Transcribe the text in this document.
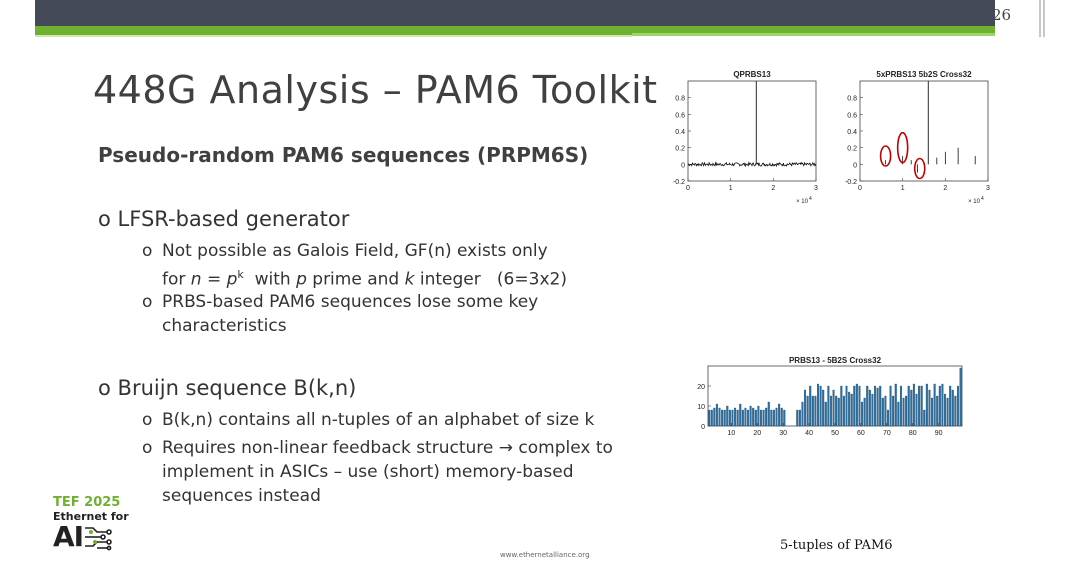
26
448G Analysis – PAM6 Toolkit
Pseudo-random PAM6 sequences (PRPM6S)
o LFSR-based generator
o Not possible as Galois Field, GF(n) exists only
for $n = p^k$  with p prime and k integer   (6=3x2)
o PRBS-based PAM6 sequences lose some key
characteristics
o Bruijn sequence B(k,n)
o B(k,n) contains all n-tuples of an alphabet of size k
o Requires non-linear feedback structure → complex to
implement in ASICs – use (short) memory-based
sequences instead
TEF 2025
Ethernet for
AI
www.ethernetalliance.org
5-tuples of PAM6
QPRBS13
-0.2
0
0.2
0.4
0.6
0.8
0	1	2	3
× 10 4
5xPRBS13 5b2S Cross32
-0.2
0
0.2
0.4
0.6
0.8
0	1	2	3
× 10 4
PRBS13 - 5B2S Cross32
0
10
20
10	20	30	40	50	60	70	80	90
